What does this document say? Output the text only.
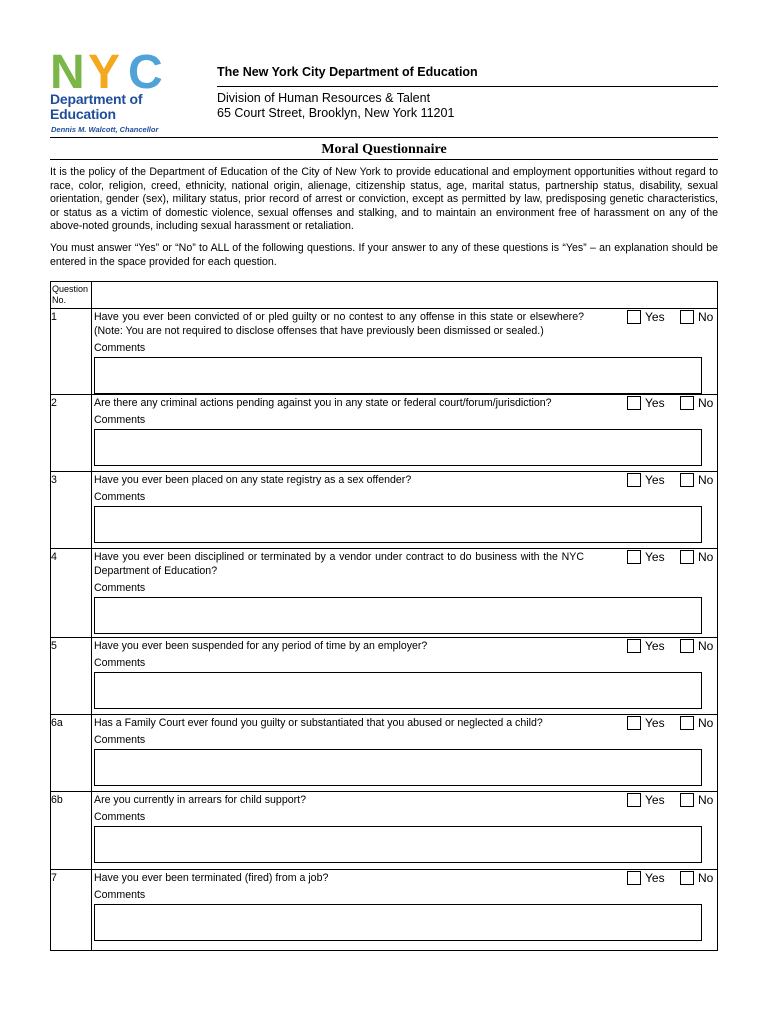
N Y C
Department of
Education
Dennis M. Walcott, Chancellor
The New York City Department of Education
Division of Human Resources & Talent
65 Court Street, Brooklyn, New York 11201
Moral Questionnaire
It is the policy of the Department of Education of the City of New York to provide educational and employment opportunities without regard to race, color, religion, creed, ethnicity, national origin, alienage, citizenship status, age, marital status, partnership status, disability, sexual orientation, gender (sex), military status, prior record of arrest or conviction, except as permitted by law, predisposing genetic characteristics, or status as a victim of domestic violence, sexual offenses and stalking, and to maintain an environment free of harassment on any of the above-noted grounds, including sexual harassment or retaliation.
You must answer “Yes” or “No” to ALL of the following questions. If your answer to any of these questions is “Yes” – an explanation should be entered in the space provided for each question.
Question No.
1	Have you ever been convicted of or pled guilty or no contest to any offense in this state or elsewhere? (Note: You are not required to disclose offenses that have previously been dismissed or sealed.)
Yes	No
Comments
2	Are there any criminal actions pending against you in any state or federal court/forum/jurisdiction?	Yes	No
Comments
3	Have you ever been placed on any state registry as a sex offender?	Yes	No
Comments
4	Have you ever been disciplined or terminated by a vendor under contract to do business with the NYC Department of Education?
Yes	No
Comments
5	Have you ever been suspended for any period of time by an employer?	Yes	No
Comments
6a	Has a Family Court ever found you guilty or substantiated that you abused or neglected a child?	Yes	No
Comments
6b	Are you currently in arrears for child support?	Yes	No
Comments
7	Have you ever been terminated (fired) from a job?	Yes	No
Comments
